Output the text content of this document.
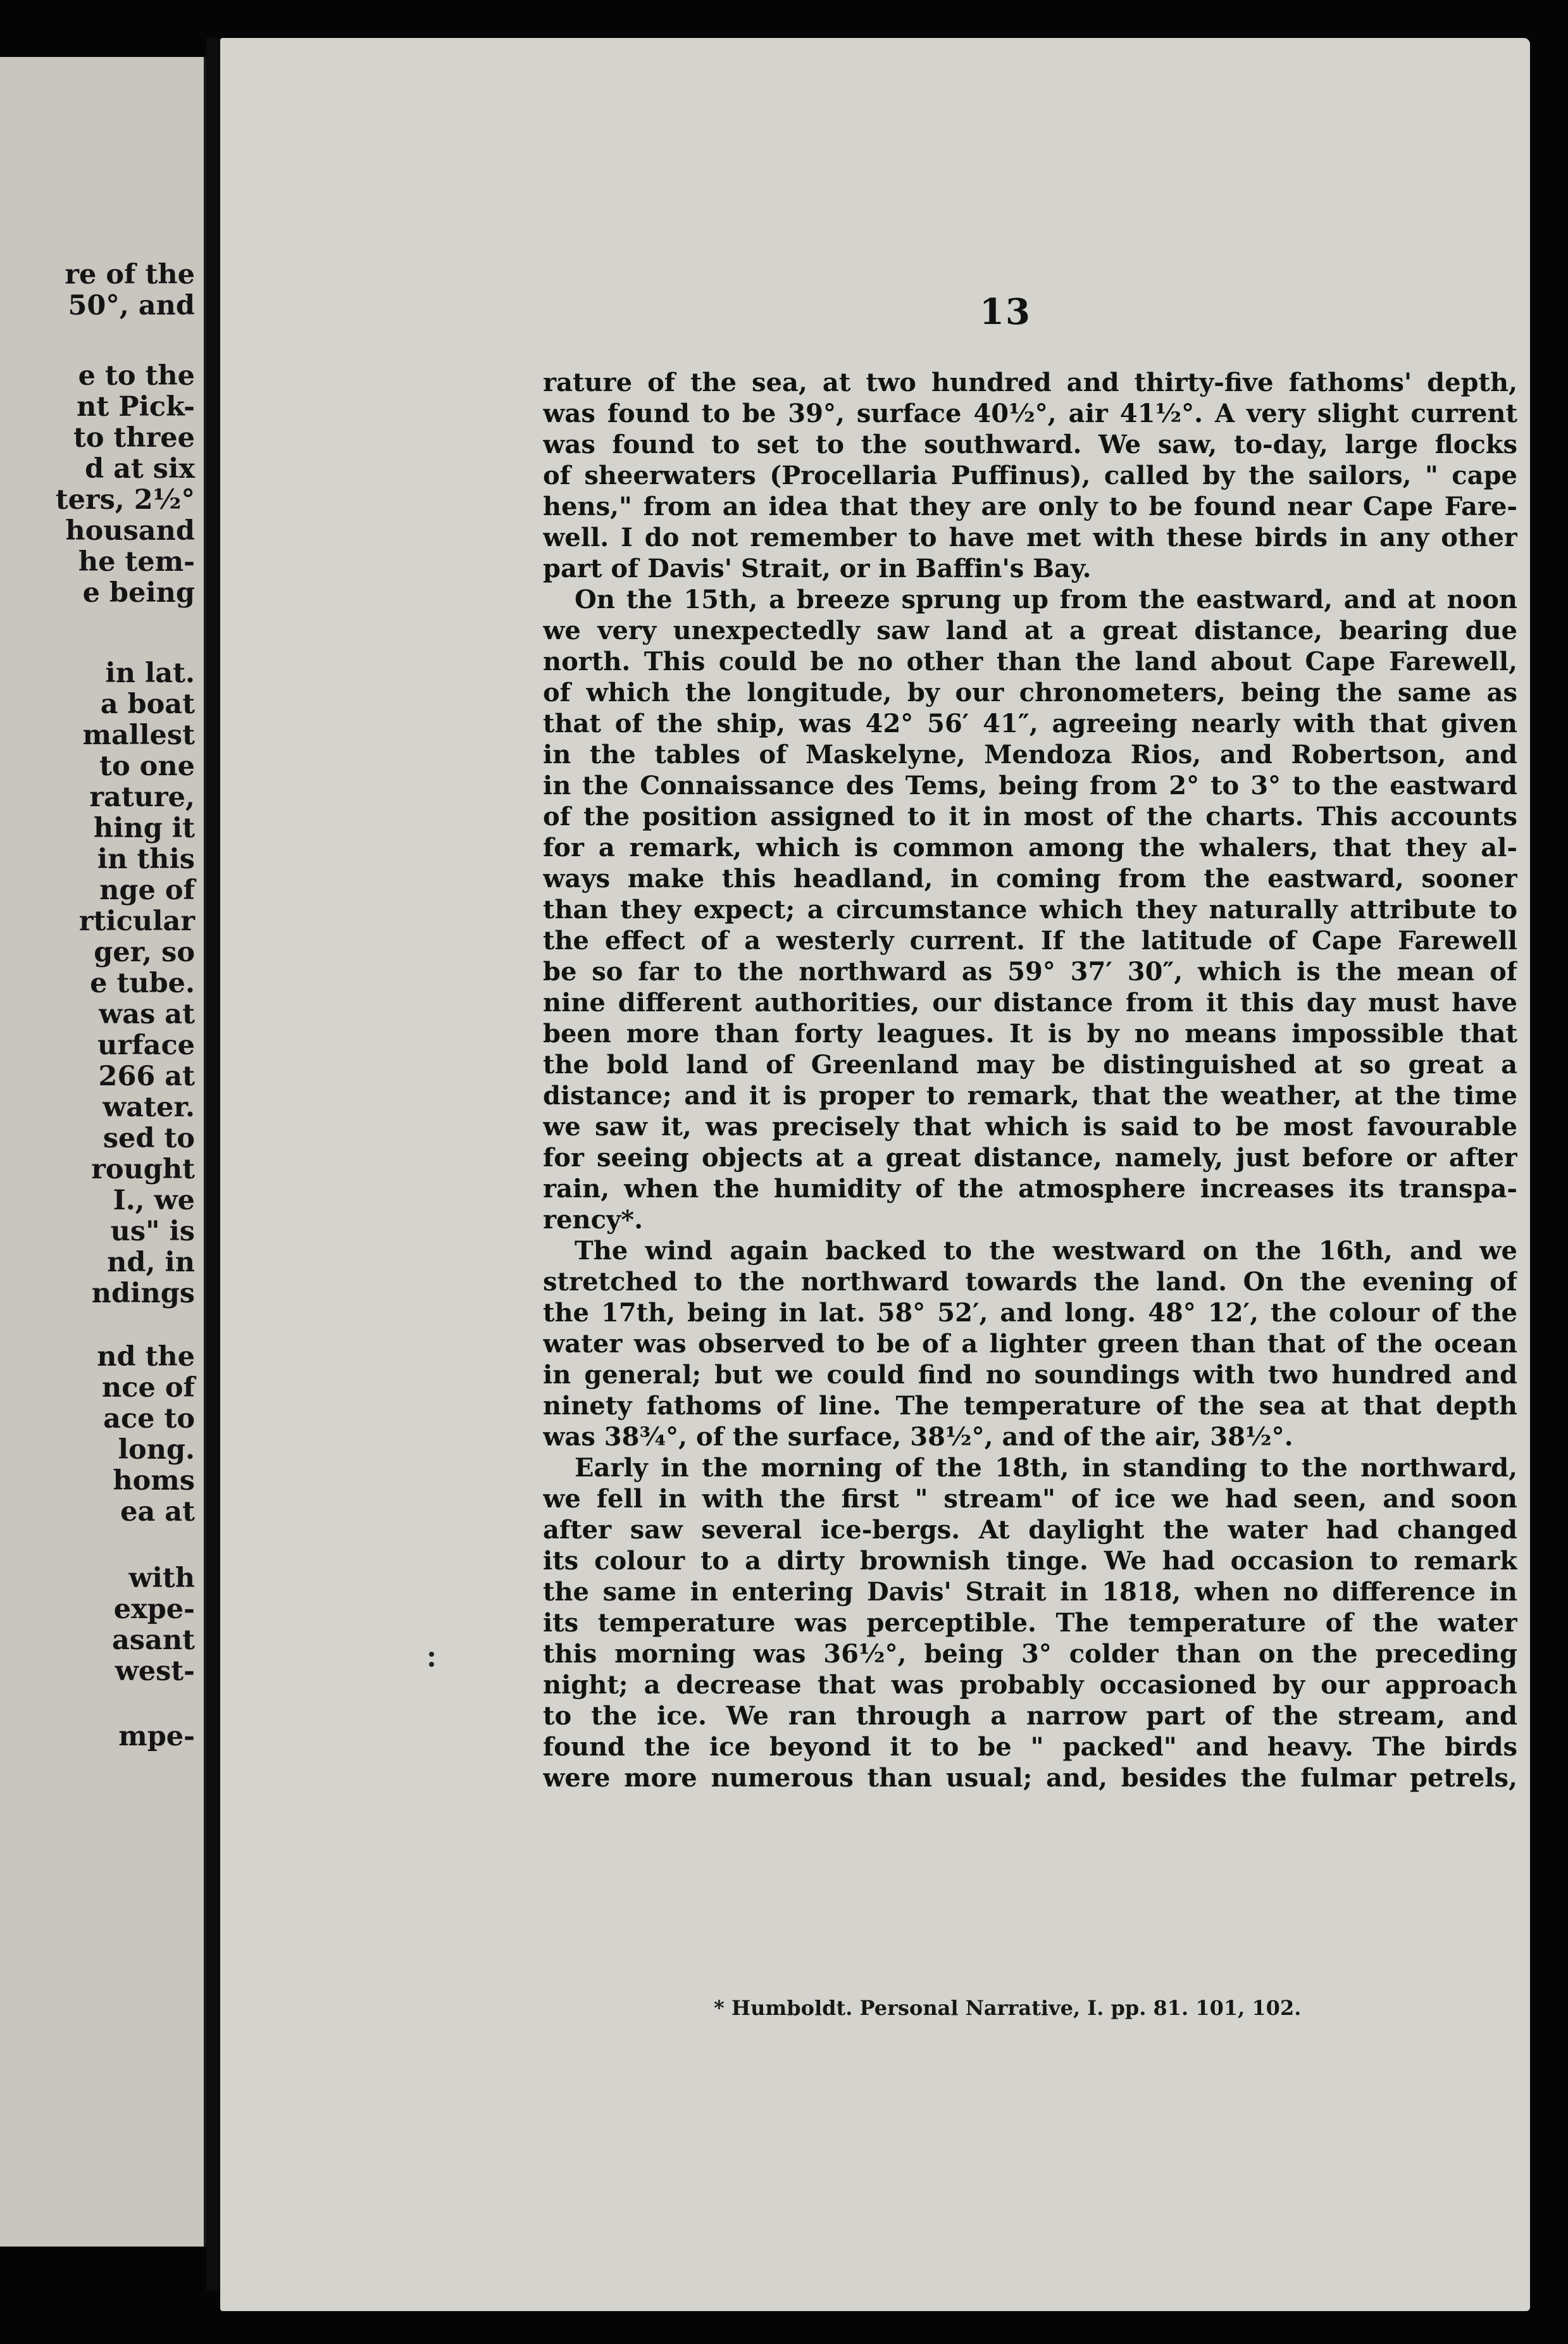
re of the
50°, and
e to the
nt Pick-
to three
d at six
ters, 2½°
housand
he tem-
e being
in lat.
a boat
mallest
to one
rature,
hing it
in this
nge of
rticular
ger, so
e tube.
was at
urface
266 at
water.
sed to
rought
I., we
us" is
nd, in
ndings
nd the
nce of
ace to
long.
homs
ea at
with
expe-
asant
west-
mpe-
13
rature of the sea, at two hundred and thirty-five fathoms' depth,
was found to be 39°, surface 40½°, air 41½°. A very slight current
was found to set to the southward. We saw, to-day, large flocks
of sheerwaters (Procellaria Puffinus), called by the sailors, " cape
hens," from an idea that they are only to be found near Cape Fare-
well. I do not remember to have met with these birds in any other
part of Davis' Strait, or in Baffin's Bay.
On the 15th, a breeze sprung up from the eastward, and at noon
we very unexpectedly saw land at a great distance, bearing due
north. This could be no other than the land about Cape Farewell,
of which the longitude, by our chronometers, being the same as
that of the ship, was 42° 56′ 41″, agreeing nearly with that given
in the tables of Maskelyne, Mendoza Rios, and Robertson, and
in the Connaissance des Tems, being from 2° to 3° to the eastward
of the position assigned to it in most of the charts. This accounts
for a remark, which is common among the whalers, that they al-
ways make this headland, in coming from the eastward, sooner
than they expect; a circumstance which they naturally attribute to
the effect of a westerly current. If the latitude of Cape Farewell
be so far to the northward as 59° 37′ 30″, which is the mean of
nine different authorities, our distance from it this day must have
been more than forty leagues. It is by no means impossible that
the bold land of Greenland may be distinguished at so great a
distance; and it is proper to remark, that the weather, at the time
we saw it, was precisely that which is said to be most favourable
for seeing objects at a great distance, namely, just before or after
rain, when the humidity of the atmosphere increases its transpa-
rency*.
The wind again backed to the westward on the 16th, and we
stretched to the northward towards the land. On the evening of
the 17th, being in lat. 58° 52′, and long. 48° 12′, the colour of the
water was observed to be of a lighter green than that of the ocean
in general; but we could find no soundings with two hundred and
ninety fathoms of line. The temperature of the sea at that depth
was 38¾°, of the surface, 38½°, and of the air, 38½°.
Early in the morning of the 18th, in standing to the northward,
we fell in with the first " stream" of ice we had seen, and soon
after saw several ice-bergs. At daylight the water had changed
its colour to a dirty brownish tinge. We had occasion to remark
the same in entering Davis' Strait in 1818, when no difference in
its temperature was perceptible. The temperature of the water
this morning was 36½°, being 3° colder than on the preceding
night; a decrease that was probably occasioned by our approach
to the ice. We ran through a narrow part of the stream, and
found the ice beyond it to be " packed" and heavy. The birds
were more numerous than usual; and, besides the fulmar petrels,
* Humboldt. Personal Narrative, I. pp. 81. 101, 102.
